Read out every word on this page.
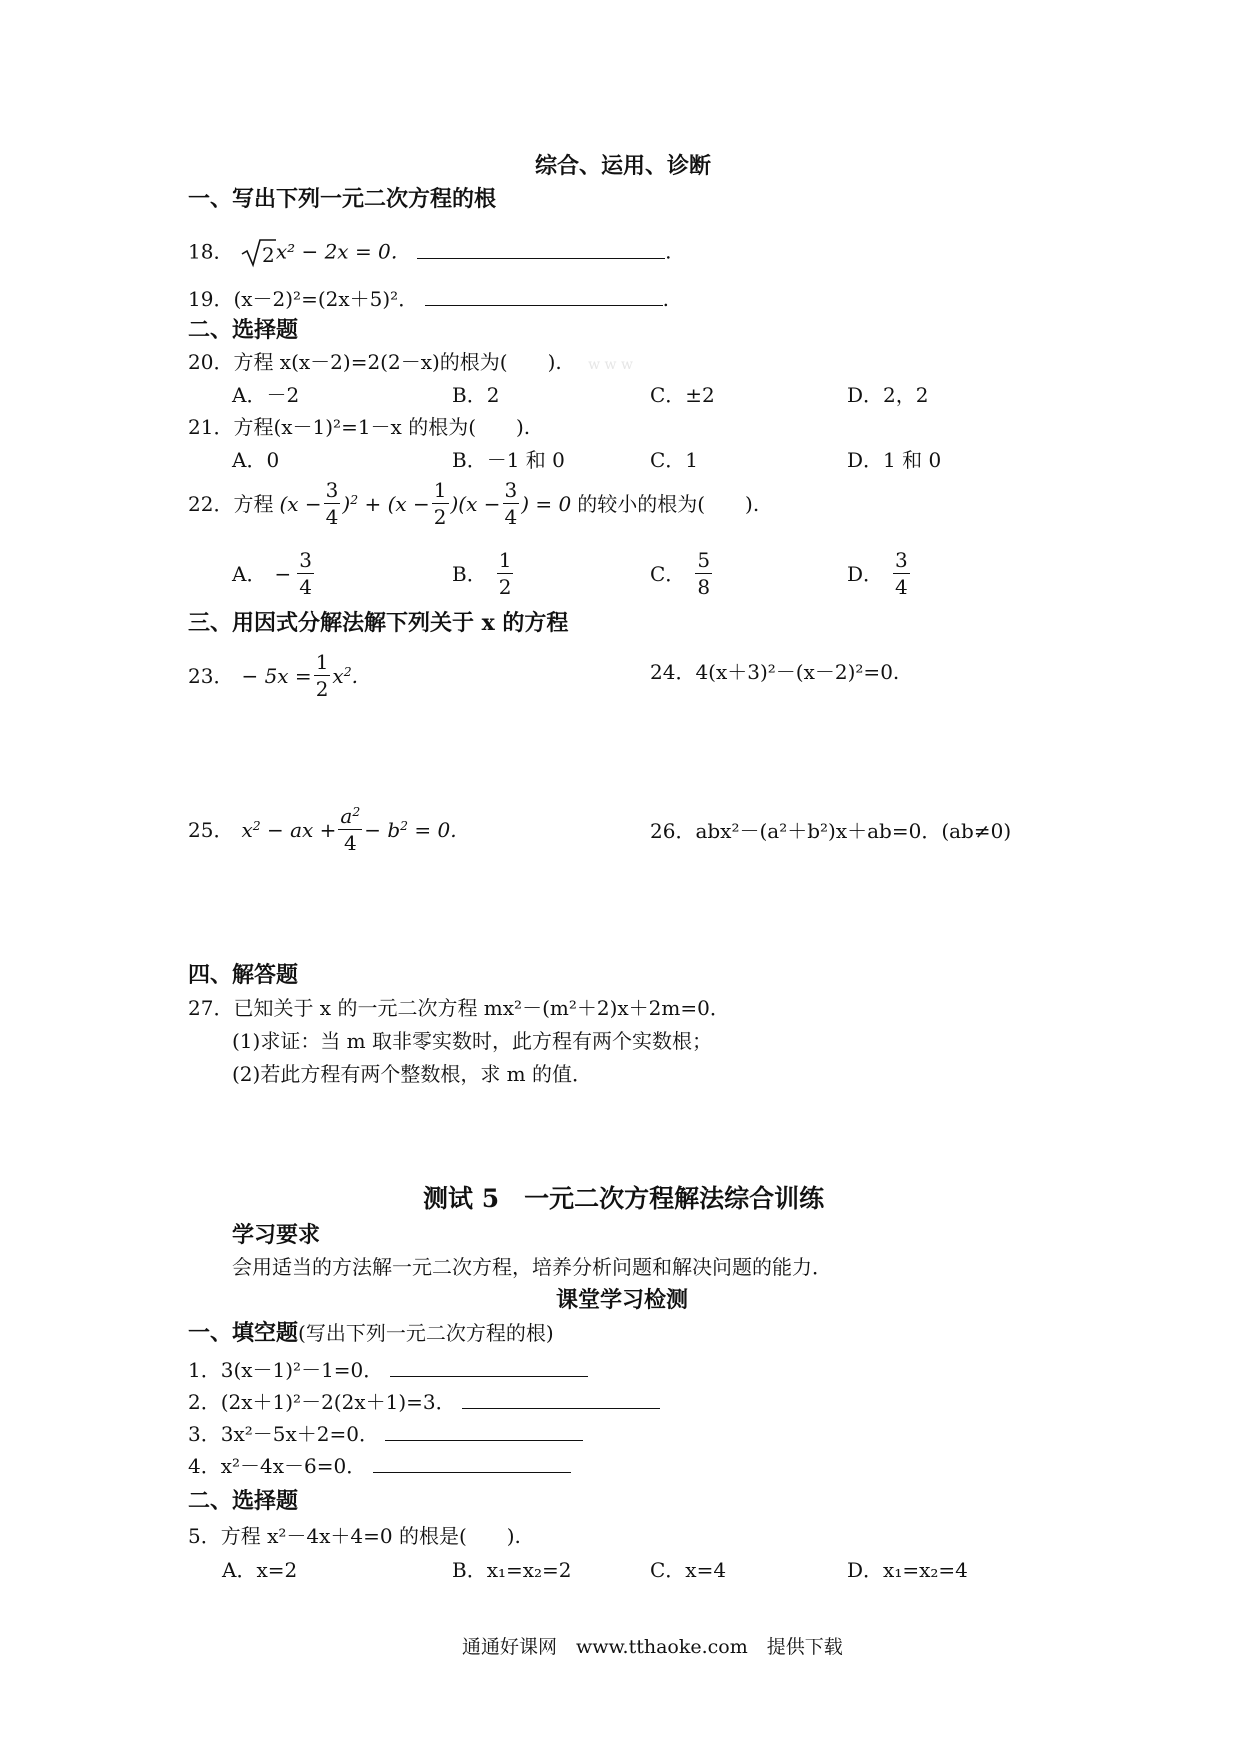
综合、运用、诊断
一、写出下列一元二次方程的根
18． 2 x² − 2x = 0．	.
19．(x－2)²=(2x＋5)²．	.
二、选择题
20．方程 x(x－2)=2(2－x)的根为(　　). w w w
A．－2	B．2	C．±2	D．2，2
21．方程(x－1)²=1－x 的根为(　　).
A．0	B．－1 和 0	C．1	D．1 和 0
22． 方程 $(x - \frac{3}{4} )^2 + (x - \frac{1}{2} )(x - \frac{3}{4}$ ) = 0 的较小的根为(　　).
A． − $\frac{3}{4}$	B． $\frac{1}{2}$	C． $\frac{5}{8}$	D． $\frac{3}{4}$
三、用因式分解法解下列关于 x 的方程
23． − $5x = \frac{1}{2} x^2$.	24．4(x＋3)²－(x－2)²=0.
25． $x^2$ − ax + $\frac{a^2}{4} - b^2 = 0$.	26．abx²－(a²＋b²)x＋ab=0．(ab≠0)
四、解答题
27．已知关于 x 的一元二次方程 mx²－(m²＋2)x＋2m=0．
(1)求证：当 m 取非零实数时，此方程有两个实数根；
(2)若此方程有两个整数根，求 m 的值．
测试 5　一元二次方程解法综合训练
学习要求
会用适当的方法解一元二次方程，培养分析问题和解决问题的能力．
课堂学习检测
一、填空题(写出下列一元二次方程的根)
1．3(x－1)²－1=0．
2．(2x＋1)²－2(2x＋1)=3．
3．3x²－5x＋2=0．
4．x²－4x－6=0．
二、选择题
5．方程 x²－4x＋4=0 的根是(　　).
A．x=2	B．x₁=x₂=2	C．x=4	D．x₁=x₂=4
通通好课网　www.tthaoke.com　提供下载
